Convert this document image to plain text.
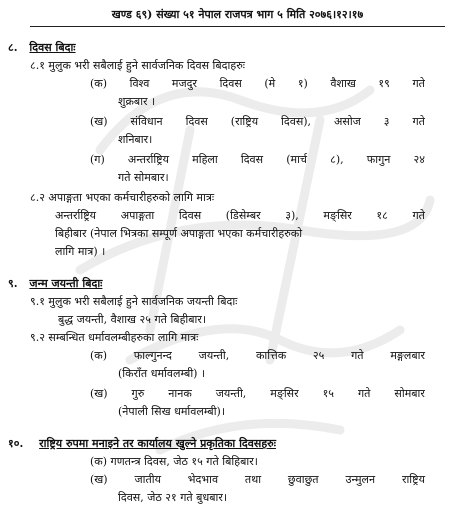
खण्ड ६९) संख्या ५१ नेपाल राजपत्र भाग ५ मिति २०७६।१२।१७
८. दिवस बिदाः
८.१ मुलुक भरी सबैलाई हुने सार्वजनिक दिवस बिदाहरुः
(क) विश्व मजदुर दिवस (मे १) वैशाख १९ गते
शुक्रबार ।
(ख) संविधान दिवस (राष्ट्रिय दिवस), असोज ३ गते
शनिबार।
(ग) अन्तर्राष्ट्रिय महिला दिवस (मार्च ८), फागुन २४
गते सोमबार।
८.२ अपाङ्गता भएका कर्मचारीहरुको लागि मात्रः
अन्तर्राष्ट्रिय अपाङ्गता दिवस (डिसेम्बर ३), मङ्सिर १८ गते
बिहीबार (नेपाल भित्रका सम्पूर्ण अपाङ्गता भएका कर्मचारीहरुको
लागि मात्र) ।
९. जन्म जयन्ती बिदाः
९.१ मुलुक भरी सबैलाई हुने सार्वजनिक जयन्ती बिदाः
बुद्ध जयन्ती, वैशाख २५ गते बिहीबार।
९.२ सम्बन्धित धर्मावलम्बीहरुका लागि मात्रः
(क) फाल्गुनन्द जयन्ती, कात्तिक २५ गते मङ्गलबार
(किराँत धर्मावलम्बी) ।
(ख) गुरु नानक जयन्ती, मङ्सिर १५ गते सोमबार
(नेपाली सिख धर्मावलम्बी)।
१०. राष्ट्रिय रुपमा मनाइने तर कार्यालय खुल्ने प्रकृतिका दिवसहरुः
(क) गणतन्त्र दिवस, जेठ १५ गते बिहिबार।
(ख) जातीय भेदभाव तथा छुवाछुत उन्मुलन राष्ट्रिय
दिवस, जेठ २१ गते बुधबार।
